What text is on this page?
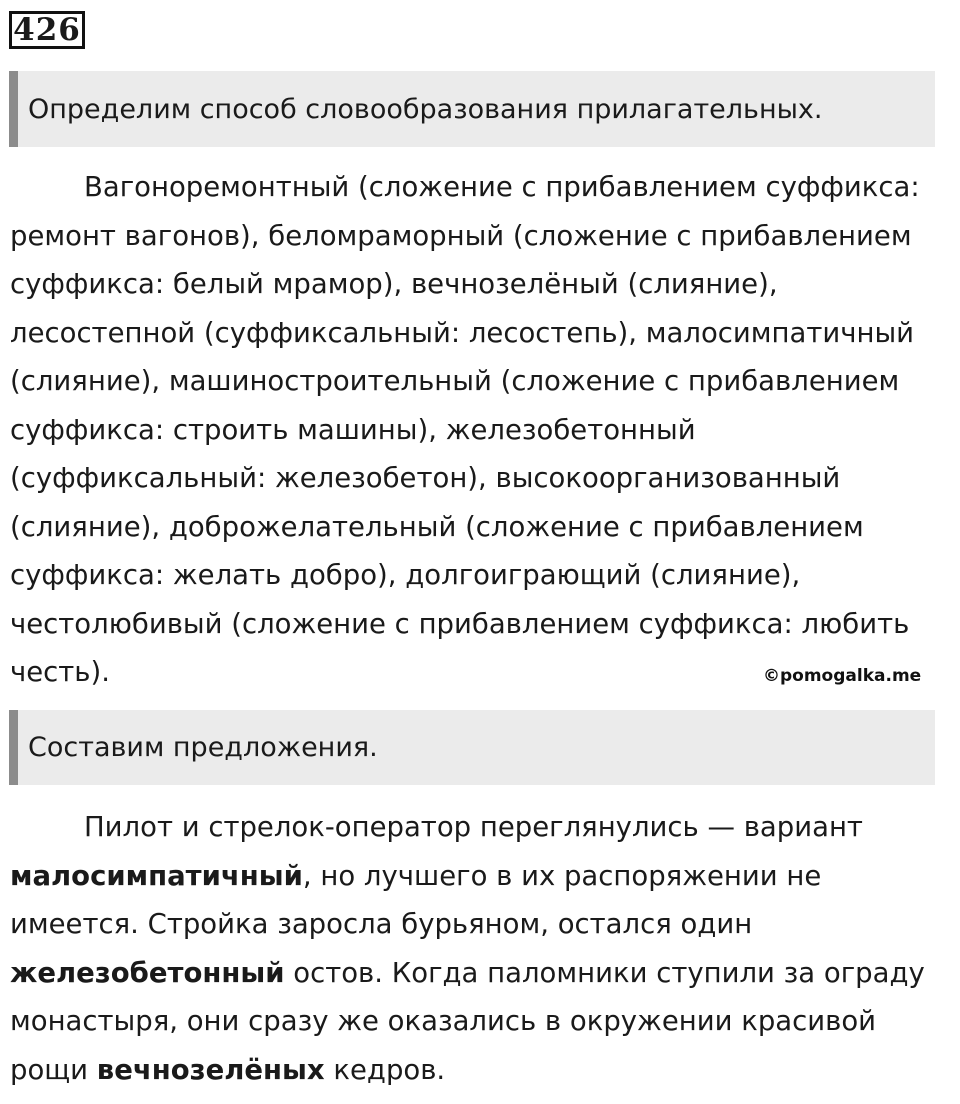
426
Определим способ словообразования прилагательных.

Вагоноремонтный (сложение с прибавлением суффикса: ремонт вагонов), беломраморный (сложение с прибавлением суффикса: белый мрамор), вечнозелёный (слияние), лесостепной (суффиксальный: лесостепь), малосимпатичный (слияние), машиностроительный (сложение с прибавлением суффикса: строить машины), железобетонный (суффиксальный: железобетон), высокоорганизованный (слияние), доброжелательный (сложение с прибавлением суффикса: желать добро), долгоиграющий (слияние), честолюбивый (сложение с прибавлением суффикса: любить честь).	©pomogalka.me
Составим предложения.

Пилот и стрелок-оператор переглянулись — вариант малосимпатичный, но лучшего в их распоряжении не имеется. Стройка заросла бурьяном, остался один железобетонный остов. Когда паломники ступили за ограду монастыря, они сразу же оказались в окружении красивой рощи вечнозелёных кедров.
